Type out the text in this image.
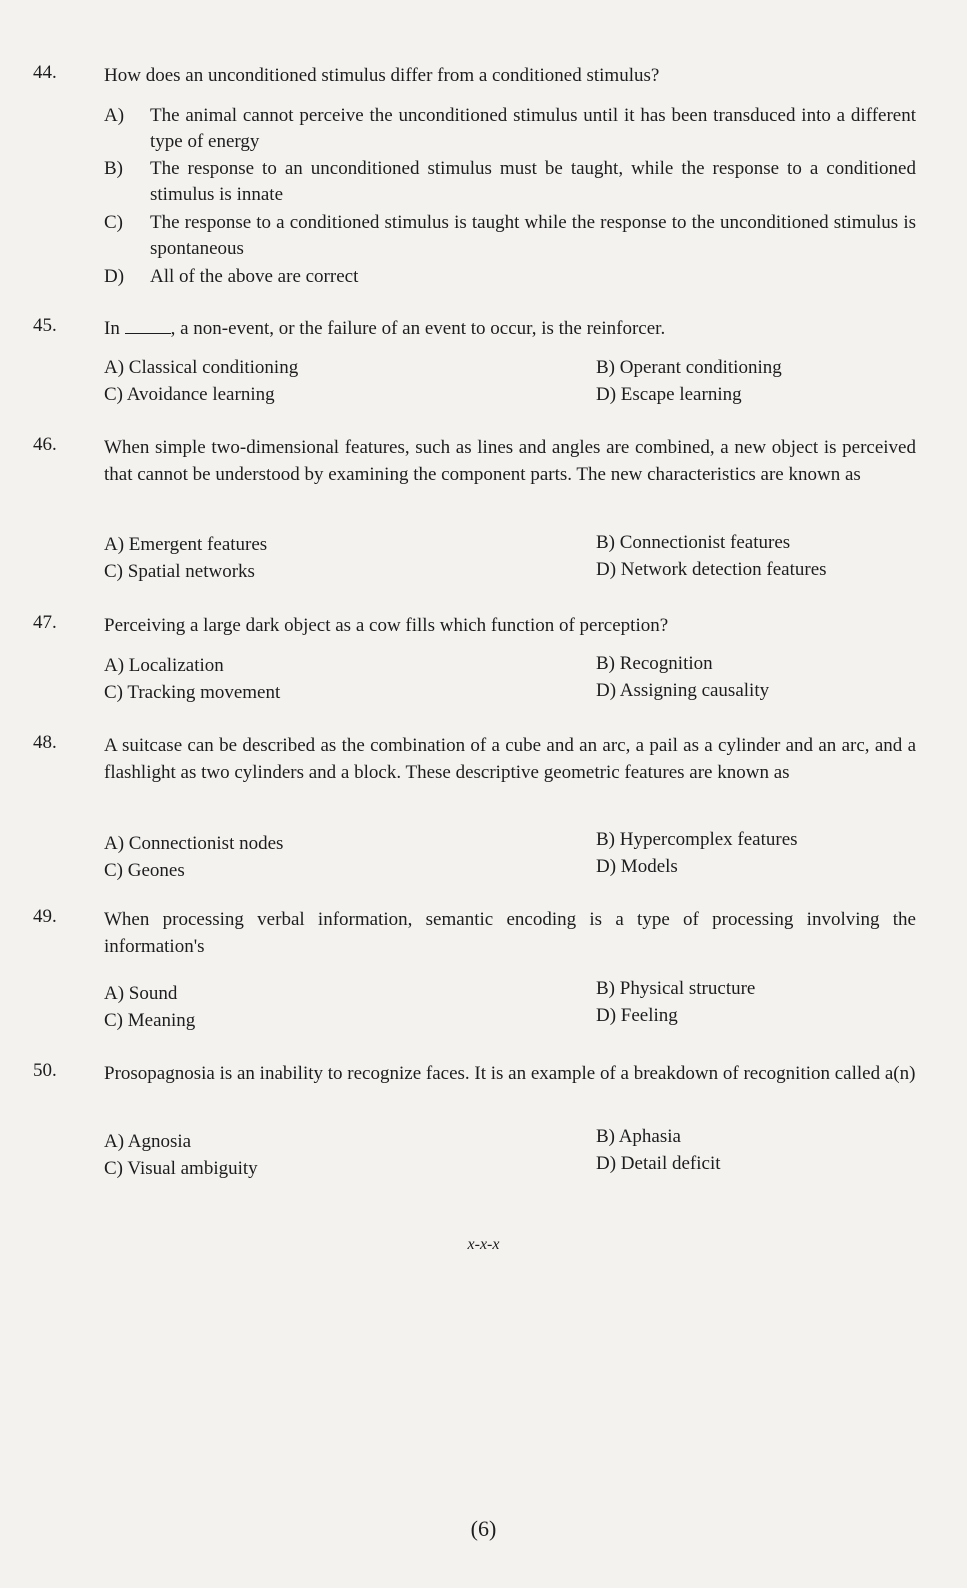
44. How does an unconditioned stimulus differ from a conditioned stimulus?
A)	The animal cannot perceive the unconditioned stimulus until it has been transduced into a different type of energy
B)	The response to an unconditioned stimulus must be taught, while the response to a conditioned stimulus is innate
C)	The response to a conditioned stimulus is taught while the response to the unconditioned stimulus is spontaneous
D)	All of the above are correct
45. In	, a non-event, or the failure of an event to occur, is the reinforcer.
A) Classical conditioning	B) Operant conditioning
C) Avoidance learning	D) Escape learning
46. When simple two-dimensional features, such as lines and angles are combined, a new object is perceived that cannot be understood by examining the component parts. The new characteristics are known as
A) Emergent features	B) Connectionist features
C) Spatial networks	D) Network detection features
47. Perceiving a large dark object as a cow fills which function of perception?
A) Localization	B) Recognition
C) Tracking movement	D) Assigning causality
48. A suitcase can be described as the combination of a cube and an arc, a pail as a cylinder and an arc, and a flashlight as two cylinders and a block. These descriptive geometric features are known as
A) Connectionist nodes	B) Hypercomplex features
C) Geones	D) Models
49. When processing verbal information, semantic encoding is a type of processing involving the information's
A) Sound	B) Physical structure
C) Meaning	D) Feeling
50. Prosopagnosia is an inability to recognize faces. It is an example of a breakdown of recognition called a(n)
A) Agnosia	B) Aphasia
C) Visual ambiguity	D) Detail deficit
x-x-x
(6)
